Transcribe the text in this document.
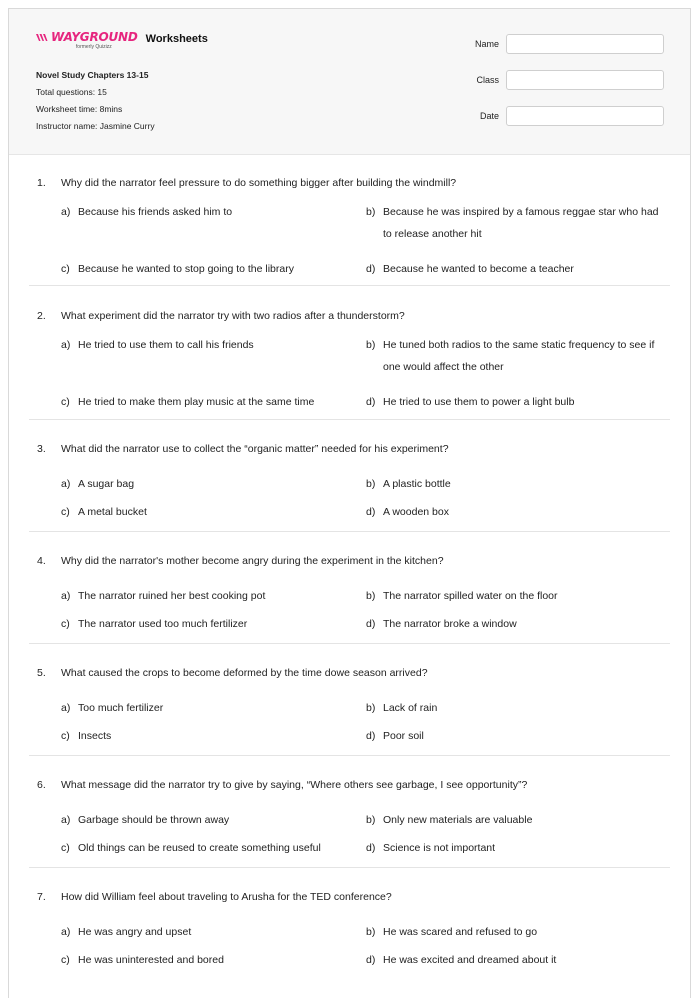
WAYGROUND
formerly Quizizz
Worksheets
Novel Study Chapters 13-15
Total questions: 15
Worksheet time: 8mins
Instructor name: Jasmine Curry
Name
Class
Date
1. Why did the narrator feel pressure to do something bigger after building the windmill?
a) Because his friends asked him to	b) Because he was inspired by a famous reggae star who had to release another hit
c) Because he wanted to stop going to the library	d) Because he wanted to become a teacher
2. What experiment did the narrator try with two radios after a thunderstorm?
a) He tried to use them to call his friends	b) He tuned both radios to the same static frequency to see if one would affect the other
c) He tried to make them play music at the same time	d) He tried to use them to power a light bulb
3. What did the narrator use to collect the “organic matter” needed for his experiment?
a) A sugar bag	b) A plastic bottle
c) A metal bucket	d) A wooden box
4. Why did the narrator's mother become angry during the experiment in the kitchen?
a) The narrator ruined her best cooking pot	b) The narrator spilled water on the floor
c) The narrator used too much fertilizer	d) The narrator broke a window
5. What caused the crops to become deformed by the time dowe season arrived?
a) Too much fertilizer	b) Lack of rain
c) Insects	d) Poor soil
6. What message did the narrator try to give by saying, “Where others see garbage, I see opportunity”?
a) Garbage should be thrown away	b) Only new materials are valuable
c) Old things can be reused to create something useful	d) Science is not important
7. How did William feel about traveling to Arusha for the TED conference?
a) He was angry and upset	b) He was scared and refused to go
c) He was uninterested and bored	d) He was excited and dreamed about it
